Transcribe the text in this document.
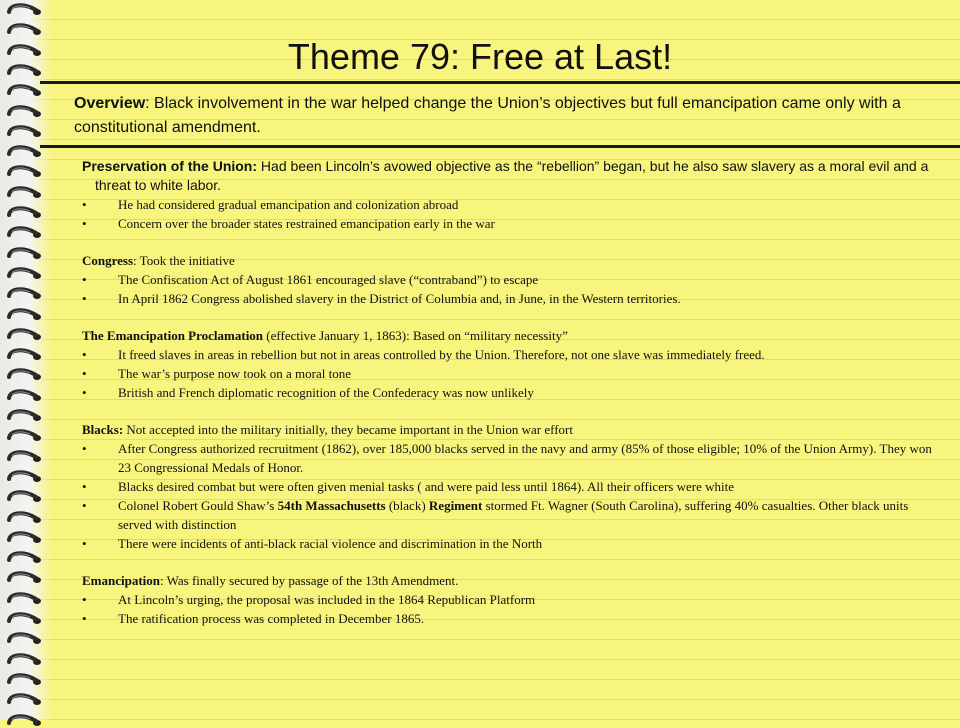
Theme 79: Free at Last!

Overview: Black involvement in the war helped change the Union’s objectives but full emancipation came only with a constitutional amendment.

Preservation of the Union: Had been Lincoln’s avowed objective as the “rebellion” began, but he also saw slavery as a moral evil and a threat to white labor.

• He had considered gradual emancipation and colonization abroad
• Concern over the broader states restrained emancipation early in the war

Congress: Took the initiative

• The Confiscation Act of August 1861 encouraged slave (“contraband”) to escape
• In April 1862 Congress abolished slavery in the District of Columbia and, in June, in the Western territories.

The Emancipation Proclamation (effective January 1, 1863): Based on “military necessity”

• It freed slaves in areas in rebellion but not in areas controlled by the Union. Therefore, not one slave was immediately freed.
• The war’s purpose now took on a moral tone
• British and French diplomatic recognition of the Confederacy was now unlikely

Blacks: Not accepted into the military initially, they became important in the Union war effort

• After Congress authorized recruitment (1862), over 185,000 blacks served in the navy and army (85% of those eligible; 10% of the Union Army). They won 23 Congressional Medals of Honor.
• Blacks desired combat but were often given menial tasks ( and were paid less until 1864). All their officers were white
• Colonel Robert Gould Shaw’s 54th Massachusetts (black) Regiment stormed Ft. Wagner (South Carolina), suffering 40% casualties. Other black units served with distinction
• There were incidents of anti-black racial violence and discrimination in the North

Emancipation: Was finally secured by passage of the 13th Amendment.

• At Lincoln’s urging, the proposal was included in the 1864 Republican Platform
• The ratification process was completed in December 1865.
